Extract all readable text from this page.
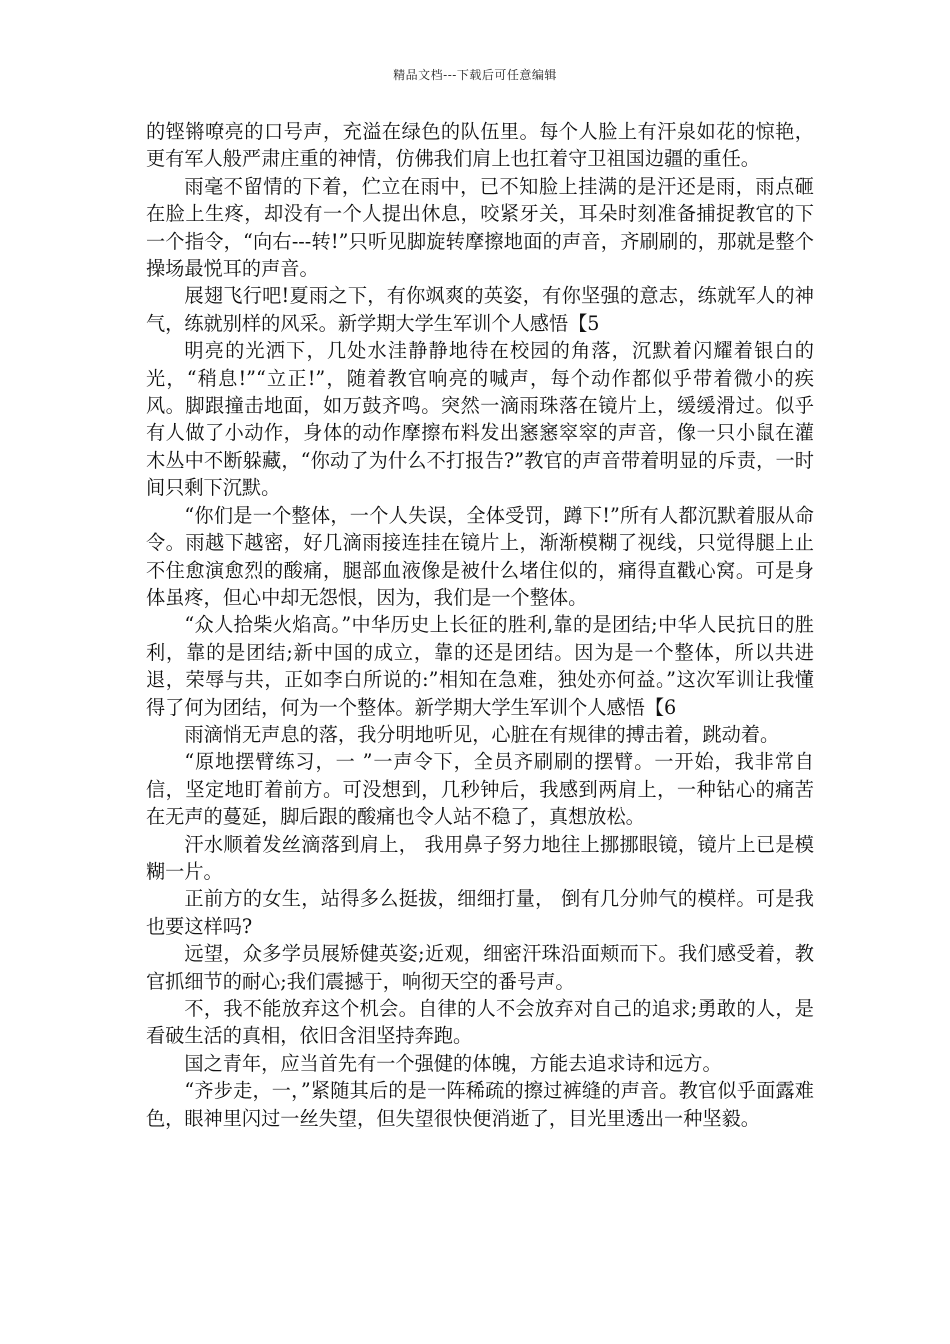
精品文档---下载后可任意编辑

的铿锵嘹亮的口号声，充溢在绿色的队伍里。每个人脸上有汗泉如花的惊艳，更有军人般严肃庄重的神情，仿佛我们肩上也扛着守卫祖国边疆的重任。

雨毫不留情的下着，伫立在雨中，已不知脸上挂满的是汗还是雨，雨点砸在脸上生疼，却没有一个人提出休息，咬紧牙关，耳朵时刻准备捕捉教官的下一个指令，“向右---转!”只听见脚旋转摩擦地面的声音，齐刷刷的，那就是整个操场最悦耳的声音。

展翅飞行吧!夏雨之下，有你飒爽的英姿，有你坚强的意志，练就军人的神气，练就别样的风采。新学期大学生军训个人感悟【5

明亮的光洒下，几处水洼静静地待在校园的角落，沉默着闪耀着银白的光，“稍息!”“立正!”，随着教官响亮的喊声，每个动作都似乎带着微小的疾风。脚跟撞击地面，如万鼓齐鸣。突然一滴雨珠落在镜片上，缓缓滑过。似乎有人做了小动作，身体的动作摩擦布料发出窸窸窣窣的声音，像一只小鼠在灌木丛中不断躲藏，“你动了为什么不打报告?”教官的声音带着明显的斥责，一时间只剩下沉默。

“你们是一个整体，一个人失误，全体受罚，蹲下!”所有人都沉默着服从命令。雨越下越密，好几滴雨接连挂在镜片上，渐渐模糊了视线，只觉得腿上止不住愈演愈烈的酸痛，腿部血液像是被什么堵住似的，痛得直戳心窝。可是身体虽疼，但心中却无怨恨，因为，我们是一个整体。

“众人拾柴火焰高。”中华历史上长征的胜利,靠的是团结;中华人民抗日的胜利，靠的是团结;新中国的成立，靠的还是团结。因为是一个整体，所以共进退，荣辱与共，正如李白所说的:”相知在急难，独处亦何益。”这次军训让我懂得了何为团结，何为一个整体。新学期大学生军训个人感悟【6

雨滴悄无声息的落，我分明地听见，心脏在有规律的搏击着，跳动着。

“原地摆臂练习，一 ”一声令下，全员齐刷刷的摆臂。一开始，我非常自信，坚定地盯着前方。可没想到，几秒钟后，我感到两肩上，一种钻心的痛苦在无声的蔓延，脚后跟的酸痛也令人站不稳了，真想放松。

汗水顺着发丝滴落到肩上， 我用鼻子努力地往上挪挪眼镜，镜片上已是模糊一片。

正前方的女生，站得多么挺拔，细细打量， 倒有几分帅气的模样。可是我也要这样吗?

远望，众多学员展矫健英姿;近观，细密汗珠沿面颊而下。我们感受着，教官抓细节的耐心;我们震撼于，响彻天空的番号声。

不，我不能放弃这个机会。自律的人不会放弃对自己的追求;勇敢的人，是看破生活的真相，依旧含泪坚持奔跑。

国之青年，应当首先有一个强健的体魄，方能去追求诗和远方。

“齐步走，一，”紧随其后的是一阵稀疏的擦过裤缝的声音。教官似乎面露难色，眼神里闪过一丝失望，但失望很快便消逝了，目光里透出一种坚毅。
